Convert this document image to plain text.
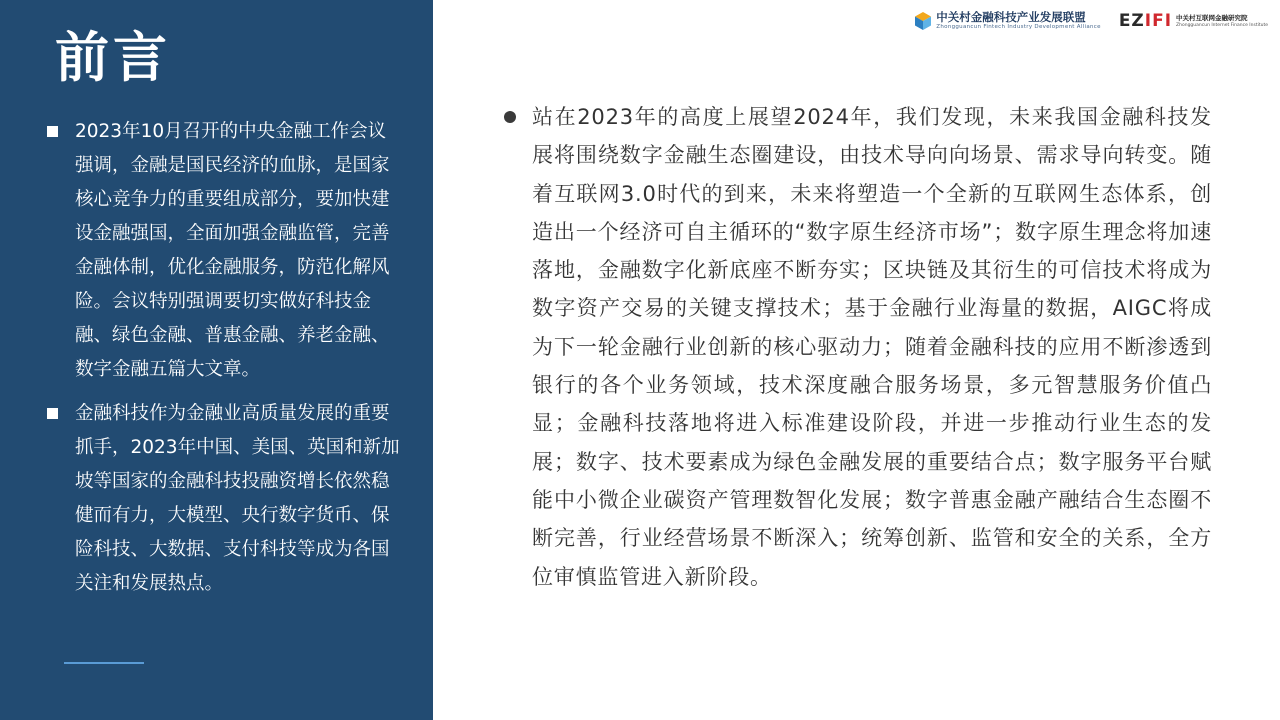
前言
2023年10月召开的中央金融工作会议强调，金融是国民经济的血脉，是国家核心竞争力的重要组成部分，要加快建设金融强国，全面加强金融监管，完善金融体制，优化金融服务，防范化解风险。会议特别强调要切实做好科技金融、绿色金融、普惠金融、养老金融、数字金融五篇大文章。
金融科技作为金融业高质量发展的重要抓手，2023年中国、美国、英国和新加坡等国家的金融科技投融资增长依然稳健而有力，大模型、央行数字货币、保险科技、大数据、支付科技等成为各国关注和发展热点。
中关村金融科技产业发展联盟
Zhongguancun Fintech Industry Development Alliance EZIFI 中关村互联网金融研究院
Zhongguancun Internet Finance Institute
站在2023年的高度上展望2024年，我们发现，未来我国金融科技发展将围绕数字金融生态圈建设，由技术导向向场景、需求导向转变。随着互联网3.0时代的到来，未来将塑造一个全新的互联网生态体系，创造出一个经济可自主循环的“数字原生经济市场”；数字原生理念将加速落地，金融数字化新底座不断夯实；区块链及其衍生的可信技术将成为数字资产交易的关键支撑技术；基于金融行业海量的数据，AIGC将成为下一轮金融行业创新的核心驱动力；随着金融科技的应用不断渗透到银行的各个业务领域，技术深度融合服务场景，多元智慧服务价值凸显；金融科技落地将进入标准建设阶段，并进一步推动行业生态的发展；数字、技术要素成为绿色金融发展的重要结合点；数字服务平台赋能中小微企业碳资产管理数智化发展；数字普惠金融产融结合生态圈不断完善，行业经营场景不断深入；统筹创新、监管和安全的关系，全方位审慎监管进入新阶段。
